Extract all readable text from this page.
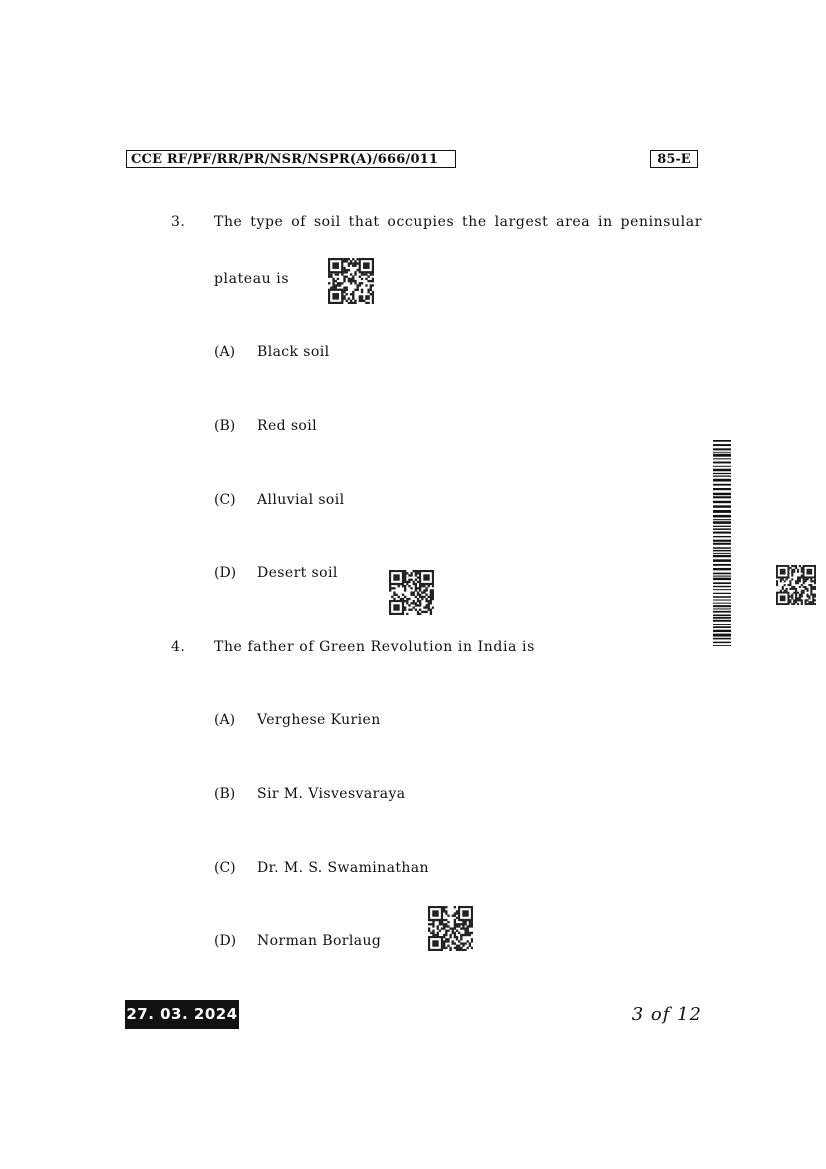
CCE RF/PF/RR/PR/NSR/NSPR(A)/666/011	85-E
3. The type of soil that occupies the largest area in peninsular
plateau is
(A) Black soil
(B) Red soil
(C) Alluvial soil
(D) Desert soil
4. The father of Green Revolution in India is
(A) Verghese Kurien
(B) Sir M. Visvesvaraya
(C) Dr. M. S. Swaminathan
(D) Norman Borlaug
27. 03. 2024	3 of 12
